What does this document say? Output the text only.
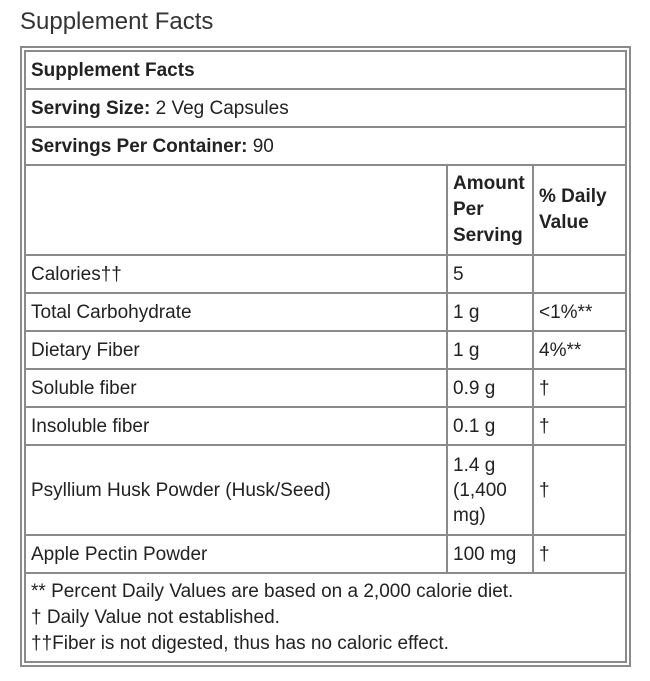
Supplement Facts
Supplement Facts		
Serving Size: 2 Veg Capsules		
Servings Per Container: 90		
	Amount Per Serving	% Daily Value
Calories††	5	
Total Carbohydrate	1 g	<1%**
Dietary Fiber	1 g	4%**
Soluble fiber	0.9 g	†
Insoluble fiber	0.1 g	†
Psyllium Husk Powder (Husk/Seed)	1.4 g (1,400 mg)	†
Apple Pectin Powder	100 mg	†

** Percent Daily Values are based on a 2,000 calorie diet.
† Daily Value not established.
††Fiber is not digested, thus has no caloric effect.		
